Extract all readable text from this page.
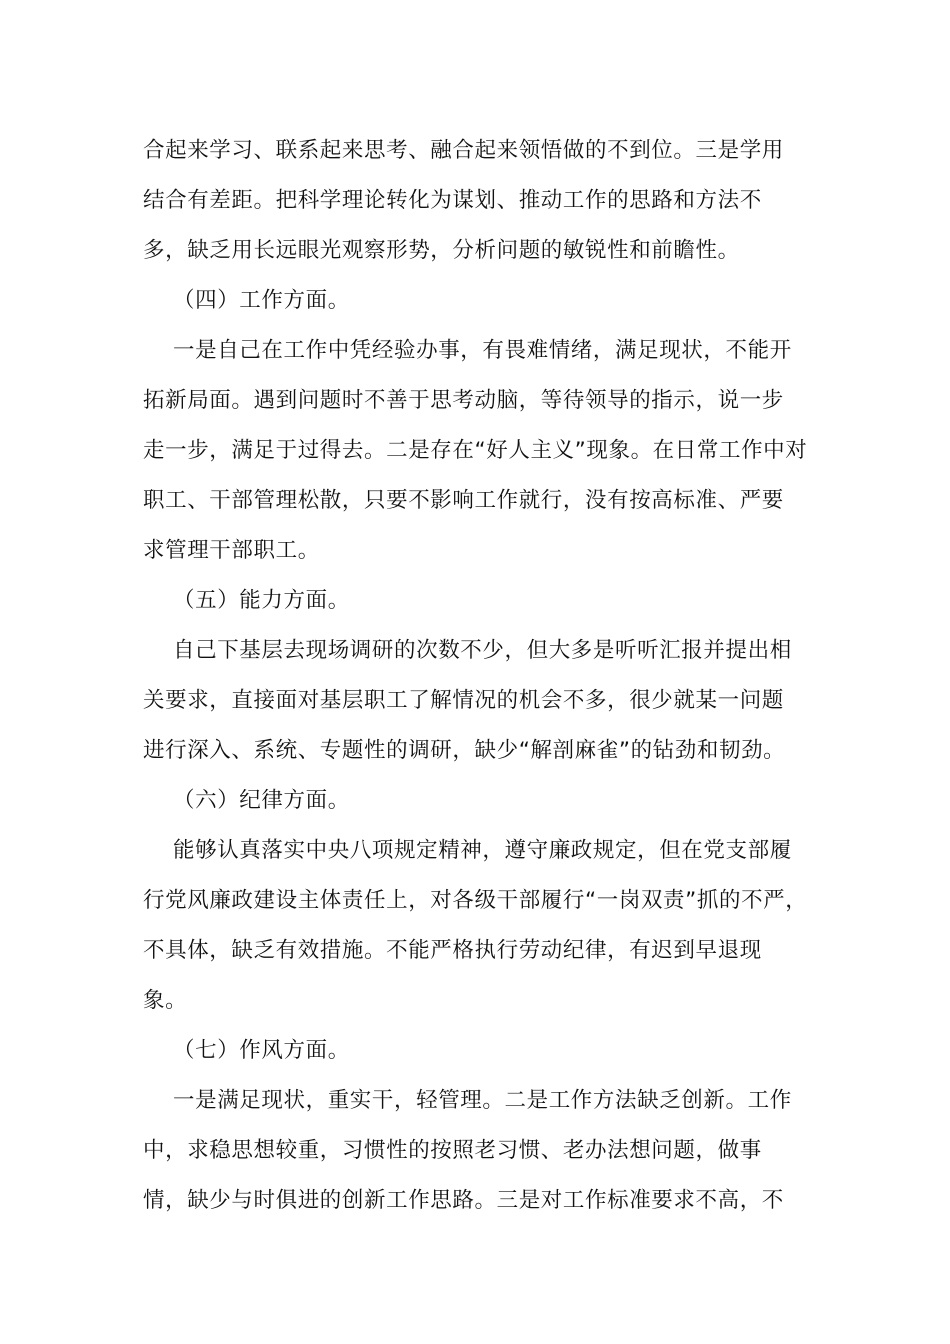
合起来学习、联系起来思考、融合起来领悟做的不到位。三是学用
结合有差距。把科学理论转化为谋划、推动工作的思路和方法不
多，缺乏用长远眼光观察形势，分析问题的敏锐性和前瞻性。
（四）工作方面。
一是自己在工作中凭经验办事，有畏难情绪，满足现状，不能开
拓新局面。遇到问题时不善于思考动脑，等待领导的指示，说一步
走一步，满足于过得去。二是存在“好人主义”现象。在日常工作中对
职工、干部管理松散，只要不影响工作就行，没有按高标准、严要
求管理干部职工。
（五）能力方面。
自己下基层去现场调研的次数不少，但大多是听听汇报并提出相
关要求，直接面对基层职工了解情况的机会不多，很少就某一问题
进行深入、系统、专题性的调研，缺少“解剖麻雀”的钻劲和韧劲。
（六）纪律方面。
能够认真落实中央八项规定精神，遵守廉政规定，但在党支部履
行党风廉政建设主体责任上，对各级干部履行“一岗双责”抓的不严，
不具体，缺乏有效措施。不能严格执行劳动纪律，有迟到早退现
象。
（七）作风方面。
一是满足现状，重实干，轻管理。二是工作方法缺乏创新。工作
中，求稳思想较重，习惯性的按照老习惯、老办法想问题，做事
情，缺少与时俱进的创新工作思路。三是对工作标准要求不高，不
